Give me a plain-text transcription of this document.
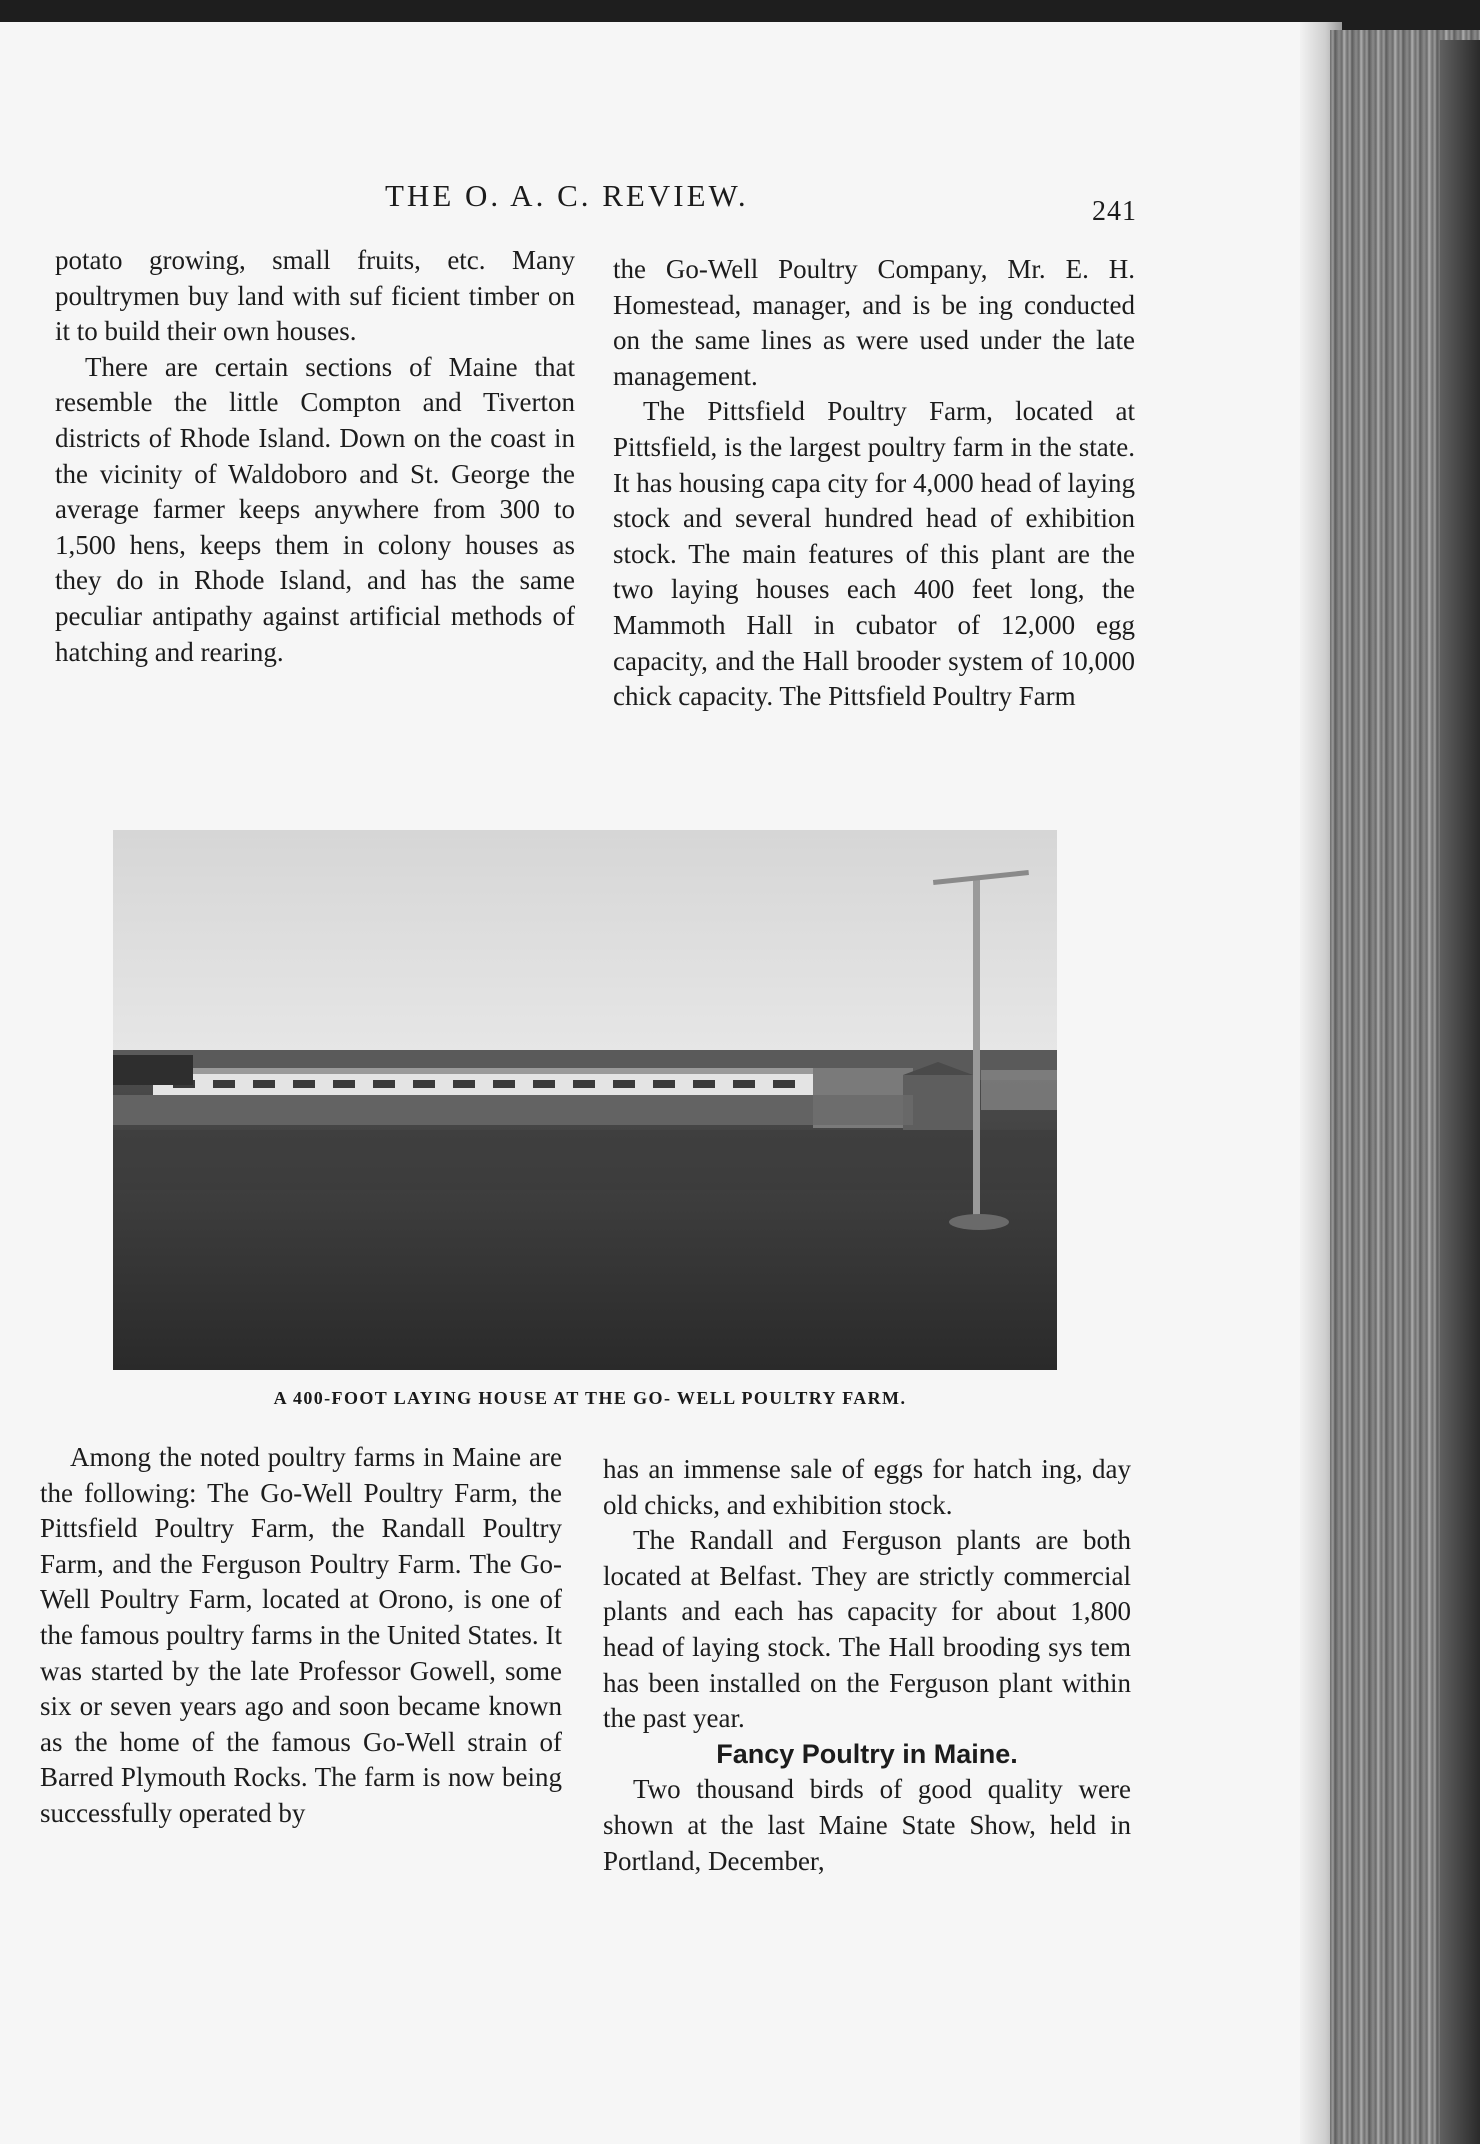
THE O. A. C. REVIEW.	241

potato growing, small fruits, etc. Many poultrymen buy land with suf ficient timber on it to build their own houses.

There are certain sections of Maine that resemble the little Compton and Tiverton districts of Rhode Island. Down on the coast in the vicinity of Waldoboro and St. George the average farmer keeps anywhere from 300 to 1,500 hens, keeps them in colony houses as they do in Rhode Island, and has the same peculiar antipathy against artificial methods of hatching and rearing.

the Go-Well Poultry Company, Mr. E. H. Homestead, manager, and is be ing conducted on the same lines as were used under the late management.

The Pittsfield Poultry Farm, located at Pittsfield, is the largest poultry farm in the state. It has housing capa city for 4,000 head of laying stock and several hundred head of exhibition stock. The main features of this plant are the two laying houses each 400 feet long, the Mammoth Hall in cubator of 12,000 egg capacity, and the Hall brooder system of 10,000 chick capacity. The Pittsfield Poultry Farm

A 400-FOOT LAYING HOUSE AT THE GO- WELL POULTRY FARM.

Among the noted poultry farms in Maine are the following: The Go-Well Poultry Farm, the Pittsfield Poultry Farm, the Randall Poultry Farm, and the Ferguson Poultry Farm. The Go-Well Poultry Farm, located at Orono, is one of the famous poultry farms in the United States. It was started by the late Professor Gowell, some six or seven years ago and soon became known as the home of the famous Go-Well strain of Barred Plymouth Rocks. The farm is now being successfully operated by

has an immense sale of eggs for hatch ing, day old chicks, and exhibition stock.

The Randall and Ferguson plants are both located at Belfast. They are strictly commercial plants and each has capacity for about 1,800 head of laying stock. The Hall brooding sys tem has been installed on the Ferguson plant within the past year.

Fancy Poultry in Maine.

Two thousand birds of good quality were shown at the last Maine State Show, held in Portland, December,
